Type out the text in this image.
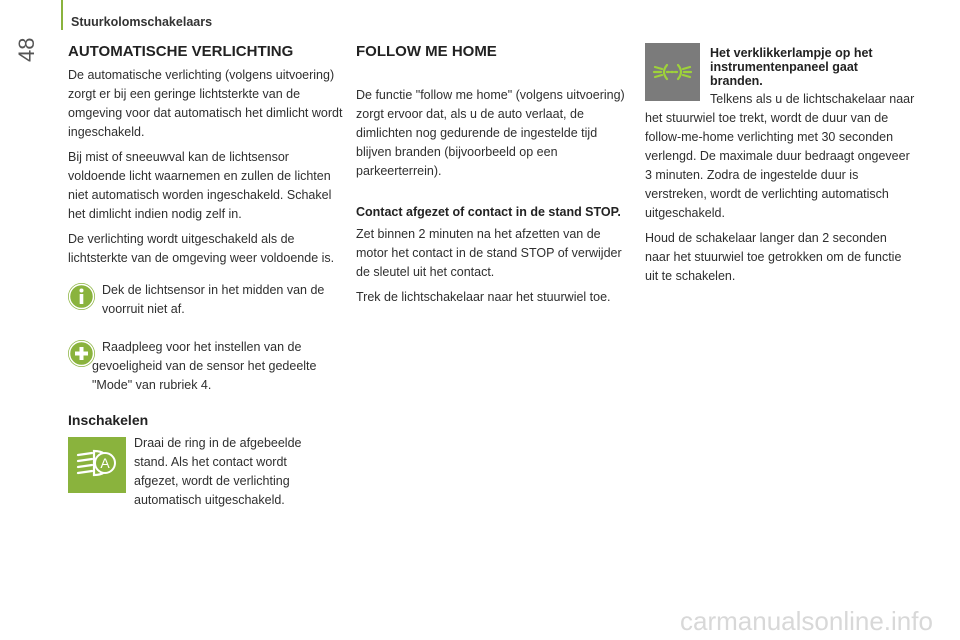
48
Stuurkolomschakelaars
AUTOMATISCHE VERLICHTING

De automatische verlichting (volgens uitvoering) zorgt er bij een geringe lichtsterkte van de omgeving voor dat automatisch het dimlicht wordt ingeschakeld.

Bij mist of sneeuwval kan de lichtsensor voldoende licht waarnemen en zullen de lichten niet automatisch worden ingeschakeld. Schakel het dimlicht indien nodig zelf in.

De verlichting wordt uitgeschakeld als de lichtsterkte van de omgeving weer voldoende is.

Dek de lichtsensor in het midden van de voorruit niet af.
Raadpleeg voor het instellen van de gevoeligheid van de sensor het gedeelte "Mode" van rubriek 4.
Inschakelen
A
Draai de ring in de afgebeelde stand. Als het contact wordt afgezet, wordt de verlichting automatisch uitgeschakeld.
FOLLOW ME HOME

De functie "follow me home" (volgens uitvoering) zorgt ervoor dat, als u de auto verlaat, de dimlichten nog gedurende de ingestelde tijd blijven branden (bijvoorbeeld op een parkeerterrein).

Contact afgezet of contact in de stand STOP.

Zet binnen 2 minuten na het afzetten van de motor het contact in de stand STOP of verwijder de sleutel uit het contact.

Trek de lichtschakelaar naar het stuurwiel toe.

Het verklikkerlampje op het instrumentenpaneel gaat branden.

Telkens als u de lichtschakelaar naar het stuurwiel toe trekt, wordt de duur van de follow-me-home verlichting met 30 seconden verlengd. De maximale duur bedraagt ongeveer 3 minuten. Zodra de ingestelde duur is verstreken, wordt de verlichting automatisch uitgeschakeld.

Houd de schakelaar langer dan 2 seconden naar het stuurwiel toe getrokken om de functie uit te schakelen.

carmanualsonline.info
